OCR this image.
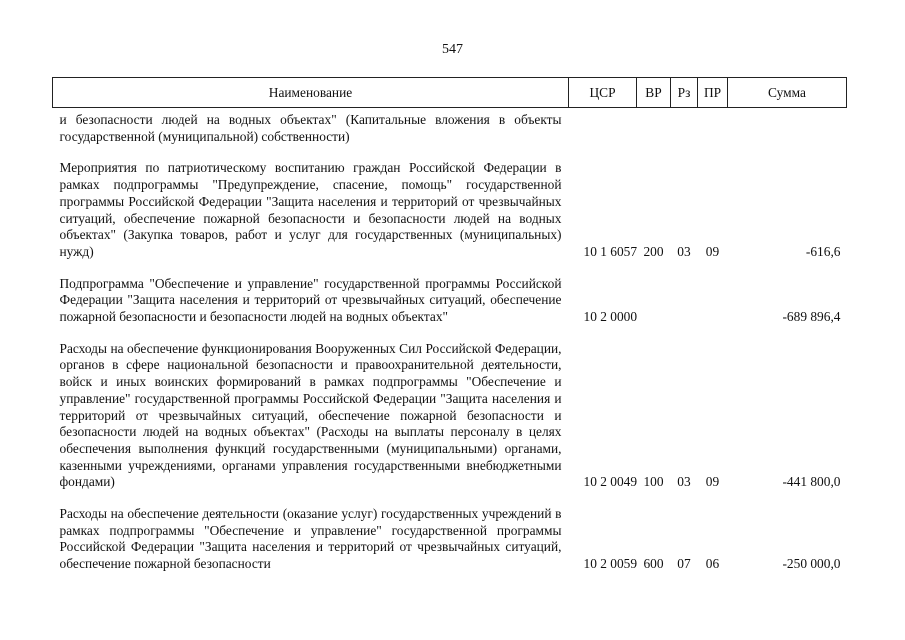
547
Наименование	ЦСР	ВР	Рз	ПР	Сумма
и безопасности людей на водных объектах" (Капитальные вложения в объекты государственной (муниципальной) собственности)					
Мероприятия по патриотическому воспитанию граждан Российской Федерации в рамках подпрограммы "Предупреждение, спасение, помощь" государственной программы Российской Федерации "Защита населения и территорий от чрезвычайных ситуаций, обеспечение пожарной безопасности и безопасности людей на водных объектах" (Закупка товаров, работ и услуг для государственных (муниципальных) нужд)	10 1 6057	200	03	09	-616,6
Подпрограмма "Обеспечение и управление" государственной программы Российской Федерации "Защита населения и территорий от чрезвычайных ситуаций, обеспечение пожарной безопасности и безопасности людей на водных объектах"	10 2 0000				-689 896,4
Расходы на обеспечение функционирования Вооруженных Сил Российской Федерации, органов в сфере национальной безопасности и правоохранительной деятельности, войск и иных воинских формирований в рамках подпрограммы "Обеспечение и управление" государственной программы Российской Федерации "Защита населения и территорий от чрезвычайных ситуаций, обеспечение пожарной безопасности и безопасности людей на водных объектах" (Расходы на выплаты персоналу в целях обеспечения выполнения функций государственными (муниципальными) органами, казенными учреждениями, органами управления государственными внебюджетными фондами)	10 2 0049	100	03	09	-441 800,0
Расходы на обеспечение деятельности (оказание услуг) государственных учреждений в рамках подпрограммы "Обеспечение и управление" государственной программы Российской Федерации "Защита населения и территорий от чрезвычайных ситуаций, обеспечение пожарной безопасности	10 2 0059	600	07	06	-250 000,0
